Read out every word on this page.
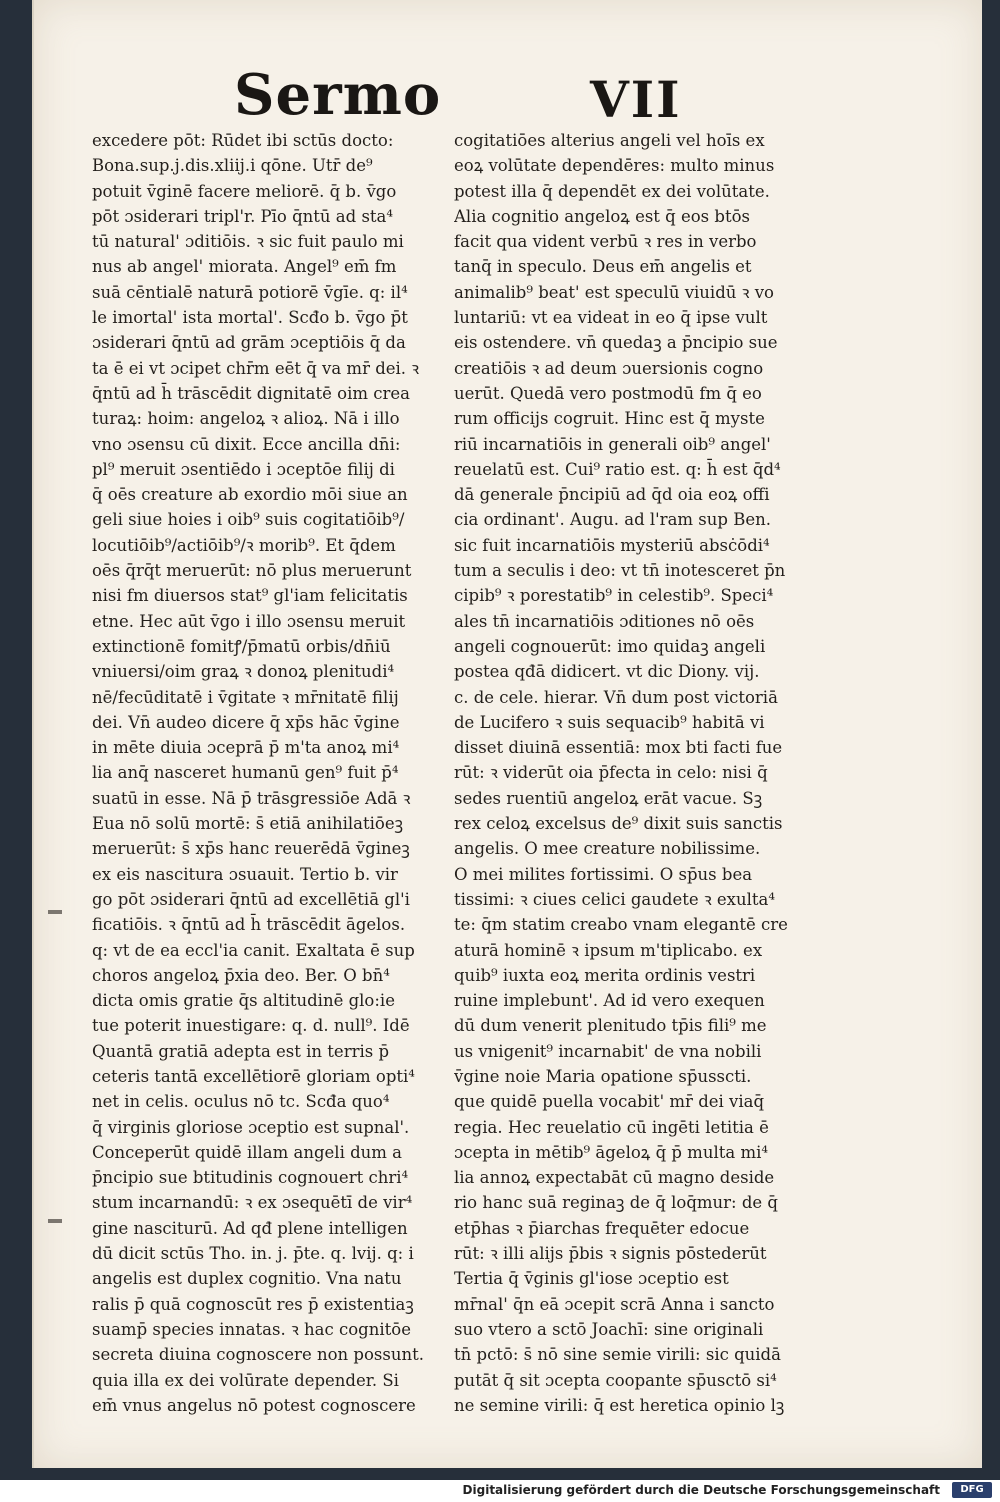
Sermo	VII
excedere pōt: Rūdet ibi sctūs docto:
Bona.sup.j.dis.xliij.i qōne. Utr̄ de⁹
potuit v̄ginē facere meliorē. q̄ b. v̄go
pōt ɔsiderari tripl'r. Pīo q̄ntū ad sta⁴
tū natural' ɔditiōis. ꝛ sic fuit paulo mi
nus ab angel' miorata. Angel⁹ em̄ fm
suā cēntialē naturā potiorē v̄gīe. q: il⁴
le imortal' ista mortal'. Scđo b. v̄go p̄t
ɔsiderari q̄ntū ad grām ɔceptiōis q̄ da
ta ē ei vt ɔcipet chr̄m eēt q̄ va mr̄ dei. ꝛ
q̄ntū ad h̄ trāscēdit dignitatē oim crea
turaꝝ: hoim: angeloꝝ ꝛ alioꝝ. Nā i illo
vno ɔsensu cū dixit. Ecce ancilla dn̄i:
pl⁹ meruit ɔsentiēdo i ɔceptōe filij di
q̄ oēs creature ab exordio mōi siue an
geli siue hoies i oib⁹ suis cogitatiōib⁹/
locutiōib⁹/actiōib⁹/ꝛ morib⁹. Et q̄dem
oēs q̄rq̄t meruerūt: nō plus meruerunt
nisi fm diuersos stat⁹ gl'iam felicitatis
etne. Hec aūt v̄go i illo ɔsensu meruit
extinctionē fomitꝭ/p̄matū orbis/dn̄iū
vniuersi/oim graꝝ ꝛ donoꝝ plenitudi⁴
nē/fecūditatē i v̄gitate ꝛ mr̄nitatē filij
dei. Vn̄ audeo dicere q̄ xp̄s hāc v̄gine
in mēte diuia ɔceprā p̄ m'ta anoꝝ mi⁴
lia anq̄ nasceret humanū gen⁹ fuit p̄⁴
suatū in esse. Nā p̄ trāsgressiōe Adā ꝛ
Eua nō solū mortē: s̄ etiā anihilatiōeꝫ
meruerūt: s̄ xp̄s hanc reuerēdā v̄gineꝫ
ex eis nascitura ɔsuauit. Tertio b. vir
go pōt ɔsiderari q̄ntū ad excellētiā gl'i
ficatiōis. ꝛ q̄ntū ad h̄ trāscēdit āgelos.
q: vt de ea eccl'ia canit. Exaltata ē sup
choros angeloꝝ p̄xia deo. Ber. O bn̄⁴
dicta omis gratie q̄s altitudinē glo:ie
tue poterit inuestigare: q. d. null⁹. Idē
Quantā gratiā adepta est in terris p̄
ceteris tantā excellētiorē gloriam opti⁴
net in celis. oculus nō tc. Scđa quo⁴
q̄ virginis gloriose ɔceptio est supnal'.
Conceperūt quidē illam angeli dum a
p̄ncipio sue btitudinis cognouert chri⁴
stum incarnandū: ꝛ ex ɔsequētī de vir⁴
gine nasciturū. Ad qđ plene intelligen
dū dicit sctūs Tho. in. j. p̄te. q. lvij. q: i
angelis est duplex cognitio. Vna natu
ralis p̄ quā cognoscūt res p̄ existentiaꝫ
suamp̄ species innatas. ꝛ hac cognitōe
secreta diuina cognoscere non possunt.
quia illa ex dei volūrate depender. Si
em̄ vnus angelus nō potest cognoscere
cogitatiōes alterius angeli vel hoīs ex
eoꝝ volūtate dependēres: multo minus
potest illa q̄ dependēt ex dei volūtate.
Alia cognitio angeloꝝ est q̄ eos btōs
facit qua vident verbū ꝛ res in verbo
tanq̄ in speculo. Deus em̄ angelis et
animalib⁹ beat' est speculū viuidū ꝛ vo
luntariū: vt ea videat in eo q̄ ipse vult
eis ostendere. vn̄ quedaꝫ a p̄ncipio sue
creatiōis ꝛ ad deum ɔuersionis cogno
uerūt. Quedā vero postmodū fm q̄ eo
rum officijs cogruit. Hinc est q̄ myste
riū incarnatiōis in generali oib⁹ angel'
reuelatū est. Cui⁹ ratio est. q: h̄ est q̄d⁴
dā generale p̄ncipiū ad q̄d oia eoꝝ offi
cia ordinant'. Augu. ad l'ram sup Ben.
sic fuit incarnatiōis mysteriū absċōdi⁴
tum a seculis i deo: vt tn̄ inotesceret p̄n
cipib⁹ ꝛ porestatib⁹ in celestib⁹. Speci⁴
ales tn̄ incarnatiōis ɔditiones nō oēs
angeli cognouerūt: imo quidaꝫ angeli
postea qđā didicert. vt dic Diony. vij.
c. de cele. hierar. Vn̄ dum post victoriā
de Lucifero ꝛ suis sequacib⁹ habitā vi
disset diuinā essentiā: mox bti facti fue
rūt: ꝛ viderūt oia p̄fecta in celo: nisi q̄
sedes ruentiū angeloꝝ erāt vacue. Sꝫ
rex celoꝝ excelsus de⁹ dixit suis sanctis
angelis. O mee creature nobilissime.
O mei milites fortissimi. O sp̄us bea
tissimi: ꝛ ciues celici gaudete ꝛ exulta⁴
te: q̄m statim creabo vnam elegantē cre
aturā hominē ꝛ ipsum m'tiplicabo. ex
quib⁹ iuxta eoꝝ merita ordinis vestri
ruine implebunt'. Ad id vero exequen
dū dum venerit plenitudo tp̄is fili⁹ me
us vnigenit⁹ incarnabit' de vna nobili
v̄gine noie Maria opatione sp̄usscti.
que quidē puella vocabit' mr̄ dei viaq̄
regia. Hec reuelatio cū ingēti letitia ē
ɔcepta in mētib⁹ āgeloꝝ q̄ p̄ multa mi⁴
lia annoꝝ expectabāt cū magno deside
rio hanc suā reginaꝫ de q̄ loq̄mur: de q̄
etp̄has ꝛ p̄iarchas frequēter edocue
rūt: ꝛ illi alijs p̄bis ꝛ signis pōstederūt
Tertia q̄ v̄ginis gl'iose ɔceptio est
mr̄nal' q̄n eā ɔcepit scrā Anna i sancto
suo vtero a sctō Joachī: sine originali
tn̄ pctō: s̄ nō sine semie virili: sic quidā
putāt q̄ sit ɔcepta coopante sp̄usctō si⁴
ne semine virili: q̄ est heretica opinio lꝫ
Digitalisierung gefördert durch die Deutsche Forschungsgemeinschaft	DFG
